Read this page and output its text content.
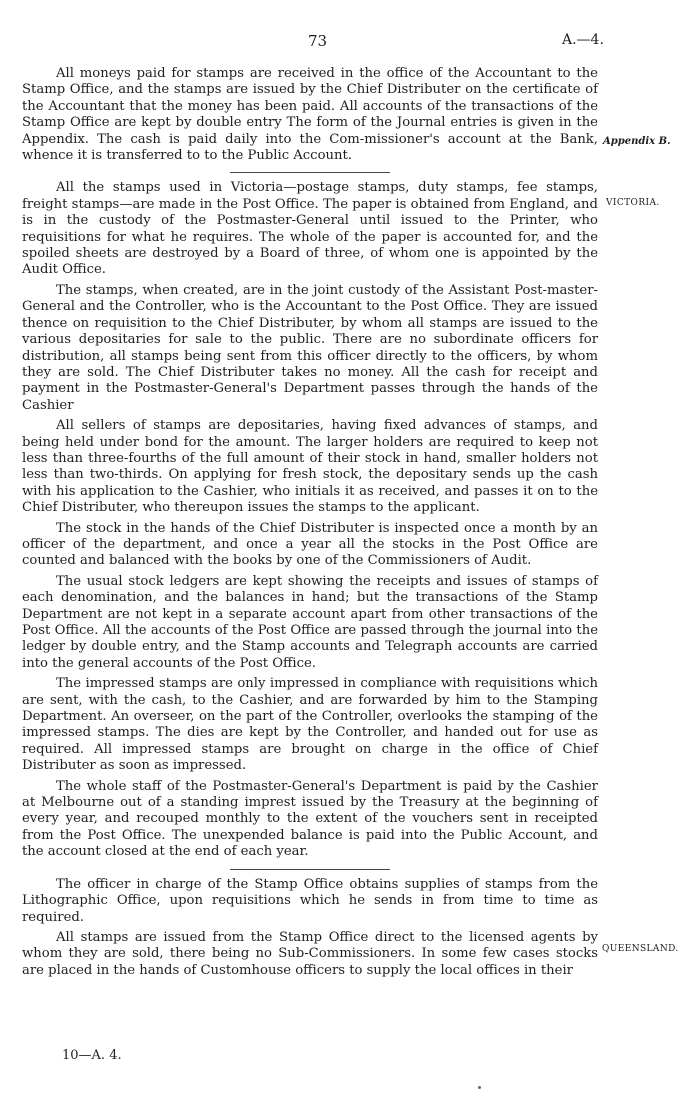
73	A.—4.
Appendix B.
VICTORIA.
QUEENSLAND.

All moneys paid for stamps are received in the office of the Accountant to the Stamp Office, and the stamps are issued by the Chief Distributer on the certificate of the Accountant that the money has been paid. All accounts of the transactions of the Stamp Office are kept by double entry The form of the Journal entries is given in the Appendix. The cash is paid daily into the Com-missioner's account at the Bank, whence it is transferred to to the Public Account.

All the stamps used in Victoria—postage stamps, duty stamps, fee stamps, freight stamps—are made in the Post Office. The paper is obtained from England, and is in the custody of the Postmaster-General until issued to the Printer, who requisitions for what he requires. The whole of the paper is accounted for, and the spoiled sheets are destroyed by a Board of three, of whom one is appointed by the Audit Office.

The stamps, when created, are in the joint custody of the Assistant Post-master-General and the Controller, who is the Accountant to the Post Office. They are issued thence on requisition to the Chief Distributer, by whom all stamps are issued to the various depositaries for sale to the public. There are no subordinate officers for distribution, all stamps being sent from this officer directly to the officers, by whom they are sold. The Chief Distributer takes no money. All the cash for receipt and payment in the Postmaster-General's Department passes through the hands of the Cashier

All sellers of stamps are depositaries, having fixed advances of stamps, and being held under bond for the amount. The larger holders are required to keep not less than three-fourths of the full amount of their stock in hand, smaller holders not less than two-thirds. On applying for fresh stock, the depositary sends up the cash with his application to the Cashier, who initials it as received, and passes it on to the Chief Distributer, who thereupon issues the stamps to the applicant.

The stock in the hands of the Chief Distributer is inspected once a month by an officer of the department, and once a year all the stocks in the Post Office are counted and balanced with the books by one of the Commissioners of Audit.

The usual stock ledgers are kept showing the receipts and issues of stamps of each denomination, and the balances in hand; but the transactions of the Stamp Department are not kept in a separate account apart from other transactions of the Post Office. All the accounts of the Post Office are passed through the journal into the ledger by double entry, and the Stamp accounts and Telegraph accounts are carried into the general accounts of the Post Office.

The impressed stamps are only impressed in compliance with requisitions which are sent, with the cash, to the Cashier, and are forwarded by him to the Stamping Department. An overseer, on the part of the Controller, overlooks the stamping of the impressed stamps. The dies are kept by the Controller, and handed out for use as required. All impressed stamps are brought on charge in the office of Chief Distributer as soon as impressed.

The whole staff of the Postmaster-General's Department is paid by the Cashier at Melbourne out of a standing imprest issued by the Treasury at the beginning of every year, and recouped monthly to the extent of the vouchers sent in receipted from the Post Office. The unexpended balance is paid into the Public Account, and the account closed at the end of each year.

The officer in charge of the Stamp Office obtains supplies of stamps from the Lithographic Office, upon requisitions which he sends in from time to time as required.

All stamps are issued from the Stamp Office direct to the licensed agents by whom they are sold, there being no Sub-Commissioners. In some few cases stocks are placed in the hands of Customhouse officers to supply the local offices in their

10—A. 4.
